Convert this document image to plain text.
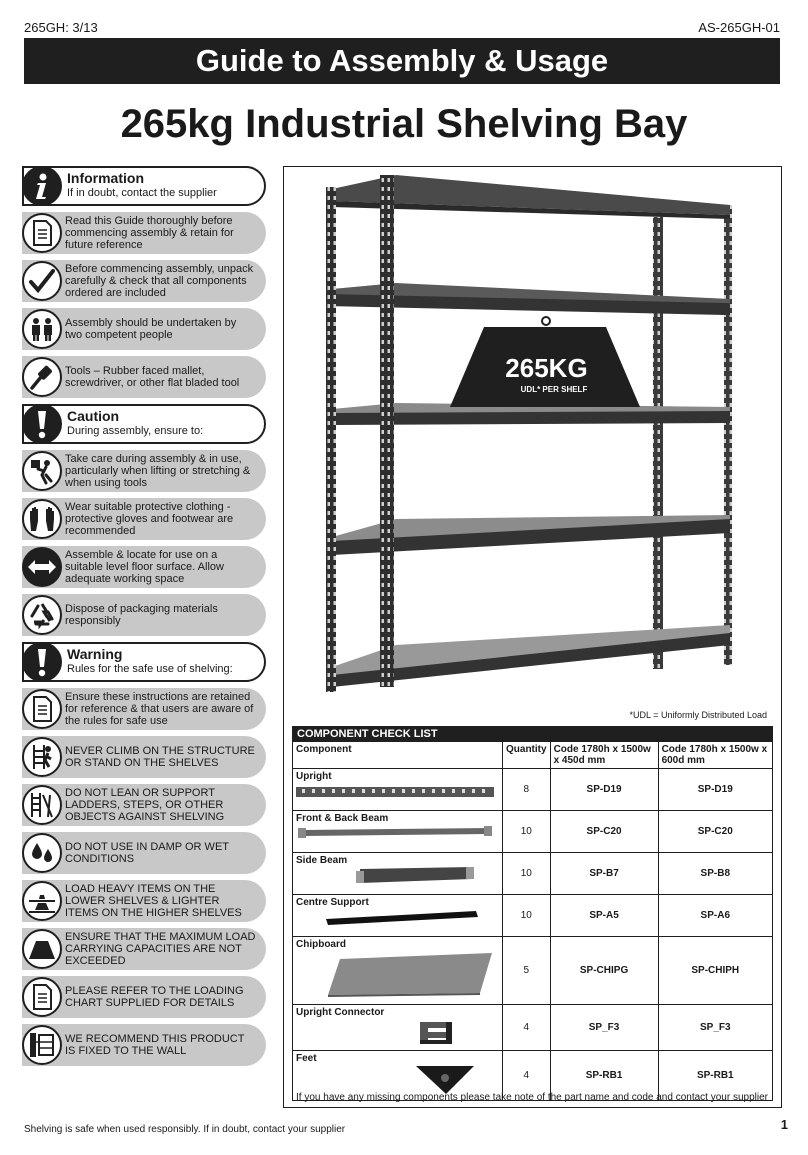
265GH: 3/13	AS-265GH-01
Guide to Assembly & Usage
265kg Industrial Shelving Bay
Information
If in doubt, contact the supplier
Read this Guide thoroughly before commencing assembly & retain for future reference
Before commencing assembly, unpack carefully & check that all components ordered are included
Assembly should be undertaken by two competent people
Tools – Rubber faced mallet, screwdriver, or other flat bladed tool
Caution
During assembly, ensure to:
Take care during assembly & in use, particularly when lifting or stretching & when using tools
Wear suitable protective clothing - protective gloves and footwear are recommended
Assemble & locate for use on a suitable level floor surface. Allow adequate working space
Dispose of packaging materials responsibly
Warning
Rules for the safe use of shelving:
Ensure these instructions are retained for reference & that users are aware of the rules for safe use
NEVER CLIMB ON THE STRUCTURE OR STAND ON THE SHELVES
DO NOT LEAN OR SUPPORT LADDERS, STEPS, OR OTHER OBJECTS AGAINST SHELVING
DO NOT USE IN DAMP OR WET CONDITIONS
LOAD HEAVY ITEMS ON THE LOWER SHELVES & LIGHTER ITEMS ON THE HIGHER SHELVES
ENSURE THAT THE MAXIMUM LOAD CARRYING CAPACITIES ARE NOT EXCEEDED
PLEASE REFER TO THE LOADING CHART SUPPLIED FOR DETAILS
WE RECOMMEND THIS PRODUCT IS FIXED TO THE WALL
265KG
UDL* PER SHELF
*UDL = Uniformly Distributed Load
COMPONENT CHECK LIST			
Component	Quantity	Code 1780h x 1500w x 450d mm	Code 1780h x 1500w x 600d mm
Upright	8	SP-D19	SP-D19
Front & Back Beam	10	SP-C20	SP-C20
Side Beam	10	SP-B7	SP-B8
Centre Support	10	SP-A5	SP-A6
Chipboard	5	SP-CHIPG	SP-CHIPH
Upright Connector	4	SP_F3	SP_F3
Feet	4	SP-RB1	SP-RB1
If you have any missing components please take note of the part name and code and contact your supplier
Shelving is safe when used responsibly. If in doubt, contact your supplier	1
